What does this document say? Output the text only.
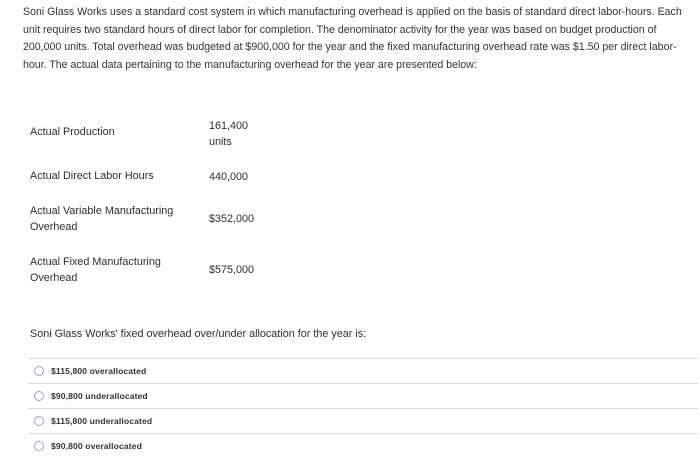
Soni Glass Works uses a standard cost system in which manufacturing overhead is applied on the basis of standard direct labor-hours. Each unit requires two standard hours of direct labor for completion. The denominator activity for the year was based on budget production of 200,000 units. Total overhead was budgeted at $900,000 for the year and the fixed manufacturing overhead rate was $1.50 per direct labor-hour. The actual data pertaining to the manufacturing overhead for the year are presented below:

Actual Production	161,400
units
Actual Direct Labor Hours	440,000
Actual Variable Manufacturing Overhead
$352,000
Actual Fixed Manufacturing Overhead
$575,000

Soni Glass Works' fixed overhead over/under allocation for the year is:

$115,800 overallocated
$90,800 underallocated
$115,800 underallocated
$90,800 overallocated
